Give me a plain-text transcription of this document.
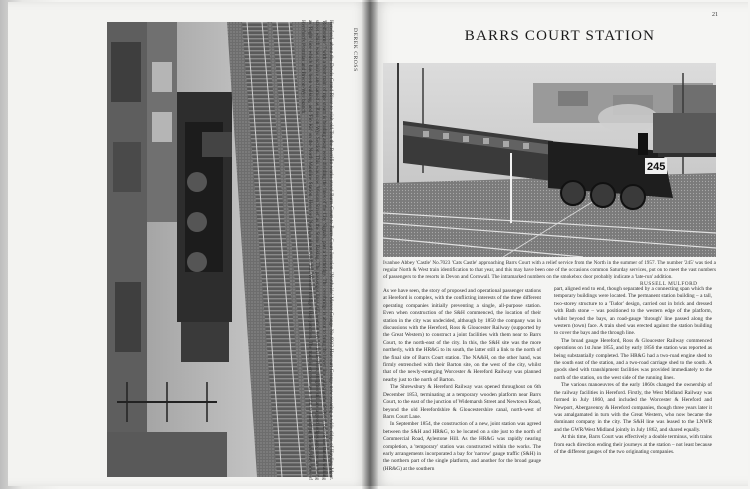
Hereford, about the Dewis Grand River to visit old Tea the Berrifin works stood Barrs Court to Barrs Court Junction. 'Northside' Manor Grange No.6913 Harcourt Grange now wearing a wide ridge of Hayling Moor. 'Redbourne' 7 with a short train of ripe steam is heading away west dividing the lines of the City Signals, past a footbridge. The overbridge is about to bring the lower line called is the 'S' Bloor, one of the famous walking street which was exclusive and named as Ross-on-Wye Section. This was now 'Weston Street' as the Stone Baking. The passenger lines still seem in service in the Ross, Brighter still are a good lodges ago, now are being as 'Right' line which has been walking, and 'Fin Kit' on the North Mainline Station. Hereford North is almost near this Wonder Bridge's Hay junction. The train is en route as a train to Cardiff in fine and Hay lines of Hereford's Pontrilas and Brecon-Wye branch.	DEREK CROSS
21
BARRS COURT STATION
245
Ivanhoe Abbey 'Castle' No.7023 'Cats Castle' approaching Barrs Court with a relief service from the North in the summer of 1957. The number '245' was tied a regular North & West train identification to that year, and this may have been one of the occasions common Saturday services, put on to meet the vast numbers of passengers to the resorts in Devon and Cornwall. The intramarked numbers on the smokebox door probably indicate a 'late-run' addition.
RUSSELL MULFORD

As we have seen, the story of proposed and operational passenger stations at Hereford is complex, with the conflicting interests of the three different operating companies initially preventing a single, all-purpose station. Even when construction of the S&H commenced, the location of their station in the city was undecided, although by 1850 the company was in discussions with the Hereford, Ross & Gloucester Railway (supported by the Great Western) to construct a joint facilities with them near to Barrs Court, to the north-east of the city. In this, the S&H site was the more northerly, with the HR&G to its south, the latter still a link to the north of the final site of Barrs Court station. The NA&H, on the other hand, was firmly entrenched with their Barton site, on the west of the city, whilst that of the newly-emerging Worcester & Hereford Railway was planned nearby just to the north of Barton.

The Shrewsbury & Hereford Railway was opened throughout on 6th December 1853, terminating at a temporary wooden platform near Barrs Court, to the east of the junction of Widemarsh Street and Newtown Road, beyond the old Herefordshire & Gloucestershire canal, north-west of Barrs Court Lane.

In September 1854, the construction of a new, joint station was agreed between the S&H and HR&G, to be located on a site just to the north of Commercial Road, Aylestone Hill. As the HR&G was rapidly nearing completion, a 'temporary' station was constructed within the works. The early arrangements incorporated a bay for 'narrow' gauge traffic (S&H) in the northern part of the single platform, and another for the broad gauge (HR&G) at the southern

part, aligned end to end, though separated by a connecting span which the temporary buildings were located. The permanent station building – a tall, two-storey structure to a 'Tudor' design, carried out in brick and dressed with Bath stone – was positioned to the western edge of the platform, whilst beyond the bays, an road-gauge 'through' line passed along the western (town) face. A train shed was erected against the station building to cover the bays and the through line.

The broad gauge Hereford, Ross & Gloucester Railway commenced operations on 1st June 1855, and by early 1856 the station was reported as being substantially completed. The HR&G had a two-road engine shed to the south east of the station, and a two-road carriage shed to the south. A goods shed with transhipment facilities was provided immediately to the north of the station, on the west side of the running lines.

The various manoeuvres of the early 1860s changed the ownership of the railway facilities in Hereford. Firstly, the West Midland Railway was formed in July 1860, and included the Worcester & Hereford and Newport, Abergavenny & Hereford companies, though three years later it was amalgamated in turn with the Great Western, who now became the dominant company in the city. The S&H line was leased to the LNWR and the GWR/West Midland jointly in July 1862, and shared equally.

At this time, Barrs Court was effectively a double terminus, with trains from each direction ending their journeys at the station – not least because of the different gauges of the two originating companies.
